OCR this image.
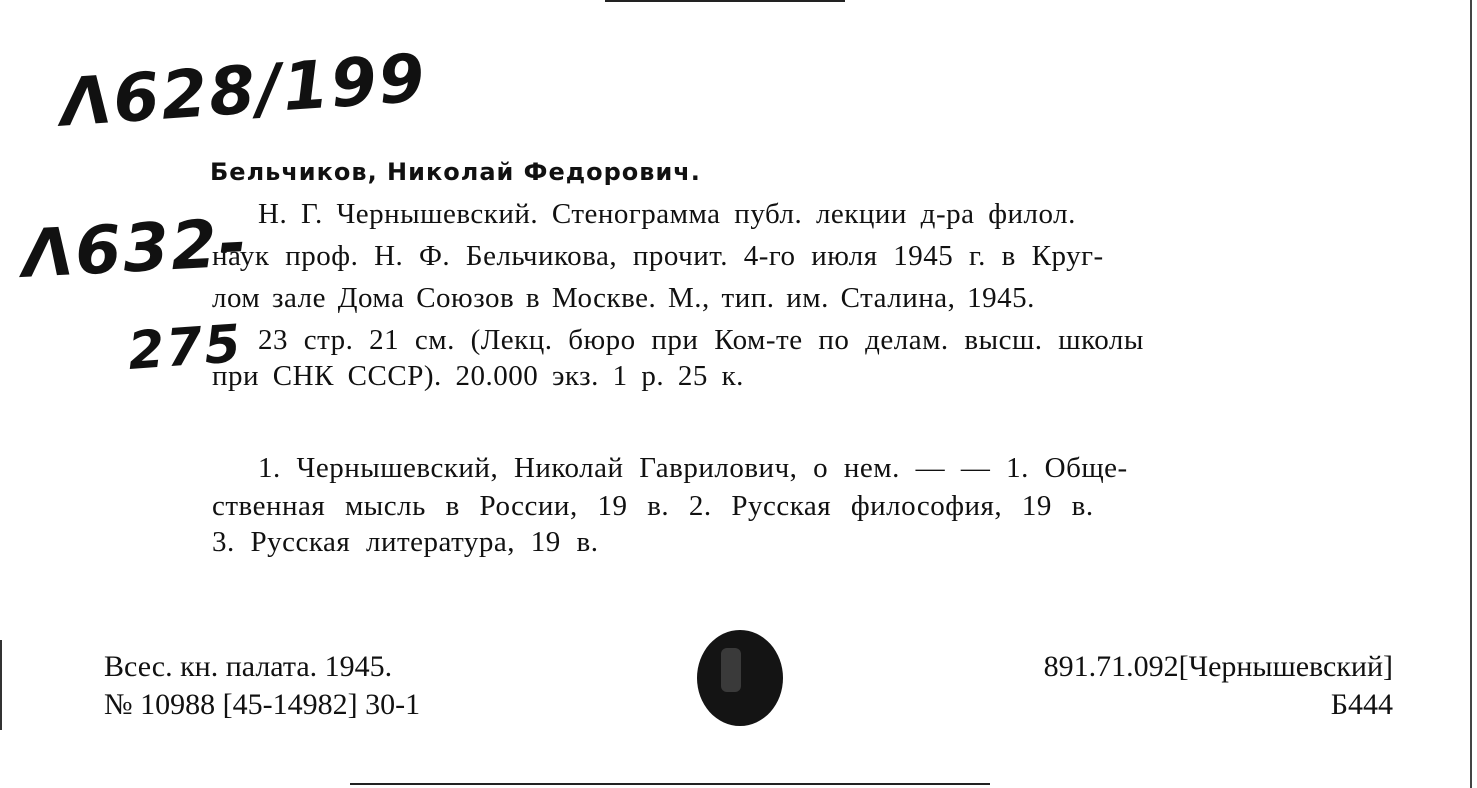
Λ628/199
Λ632-
275
Бельчиков, Николай Федорович.
Н. Г. Чернышевский. Стенограмма публ. лекции д-ра филол.
наук проф. Н. Ф. Бельчикова, прочит. 4-го июля 1945 г. в Круг-
лом зале Дома Союзов в Москве. М., тип. им. Сталина, 1945.
23 стр. 21 см. (Лекц. бюро при Ком-те по делам. высш. школы
при СНК СССР). 20.000 экз. 1 р. 25 к.
1. Чернышевский, Николай Гаврилович, о нем. — — 1. Обще-
ственная мысль в России, 19 в. 2. Русская философия, 19 в.
3. Русская литература, 19 в.
Всес. кн. палата. 1945.
№ 10988 [45-14982] 30-1
891.71.092[Чернышевский]
Б444
